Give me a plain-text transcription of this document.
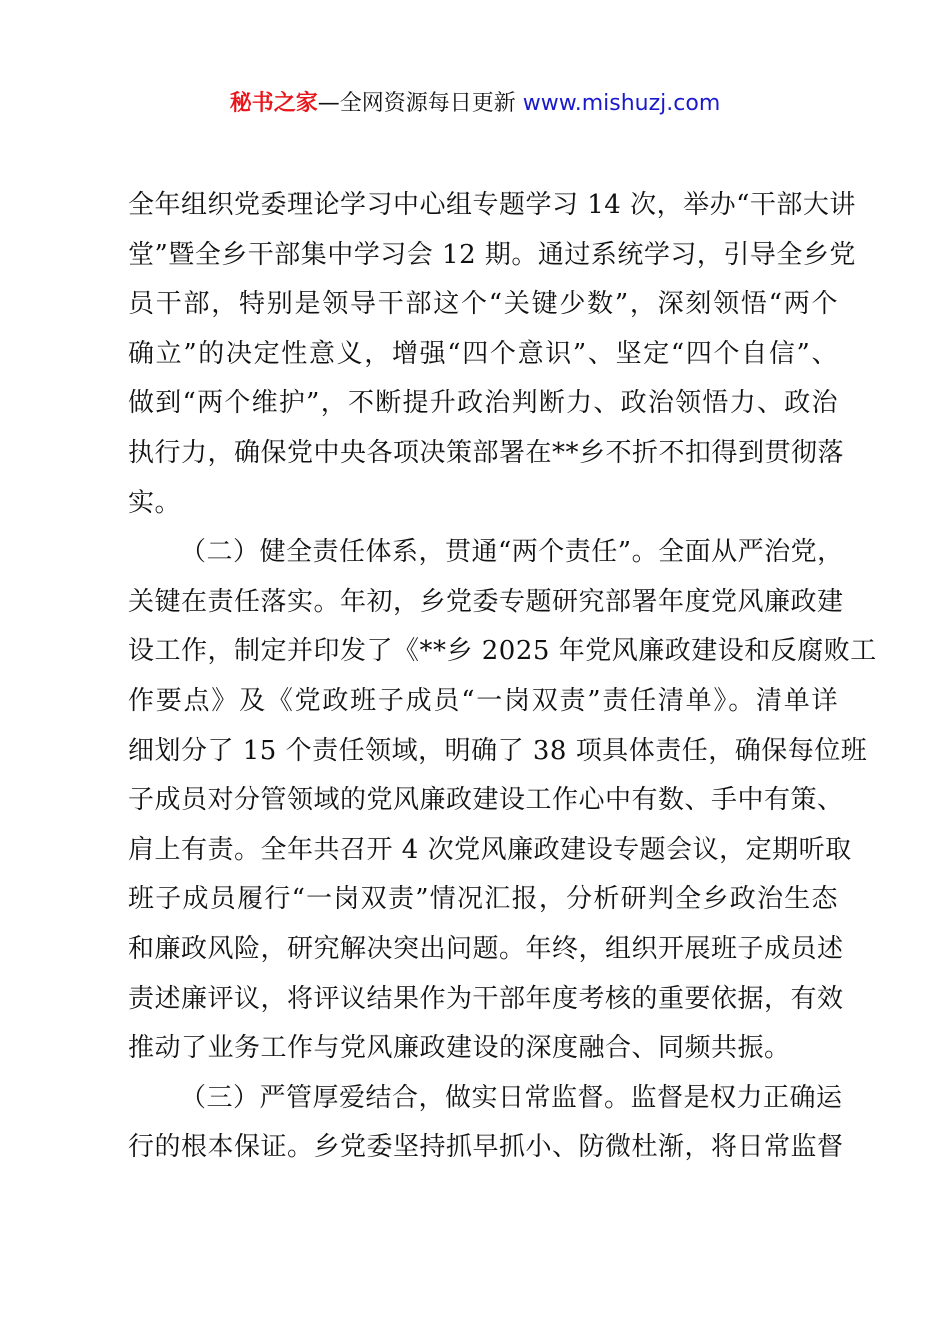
秘书之家—全网资源每日更新 www.mishuzj.com
全年组织党委理论学习中心组专题学习 14 次，举办“干部大讲
堂”暨全乡干部集中学习会 12 期。通过系统学习，引导全乡党
员干部，特别是领导干部这个“关键少数”，深刻领悟“两个
确立”的决定性意义，增强“四个意识”、坚定“四个自信”、
做到“两个维护”，不断提升政治判断力、政治领悟力、政治
执行力，确保党中央各项决策部署在**乡不折不扣得到贯彻落
实。
（二）健全责任体系，贯通“两个责任”。全面从严治党，
关键在责任落实。年初，乡党委专题研究部署年度党风廉政建
设工作，制定并印发了《**乡 2025 年党风廉政建设和反腐败工
作要点》及《党政班子成员“一岗双责”责任清单》。清单详
细划分了 15 个责任领域，明确了 38 项具体责任，确保每位班
子成员对分管领域的党风廉政建设工作心中有数、手中有策、
肩上有责。全年共召开 4 次党风廉政建设专题会议，定期听取
班子成员履行“一岗双责”情况汇报，分析研判全乡政治生态
和廉政风险，研究解决突出问题。年终，组织开展班子成员述
责述廉评议，将评议结果作为干部年度考核的重要依据，有效
推动了业务工作与党风廉政建设的深度融合、同频共振。
（三）严管厚爱结合，做实日常监督。监督是权力正确运
行的根本保证。乡党委坚持抓早抓小、防微杜渐，将日常监督
